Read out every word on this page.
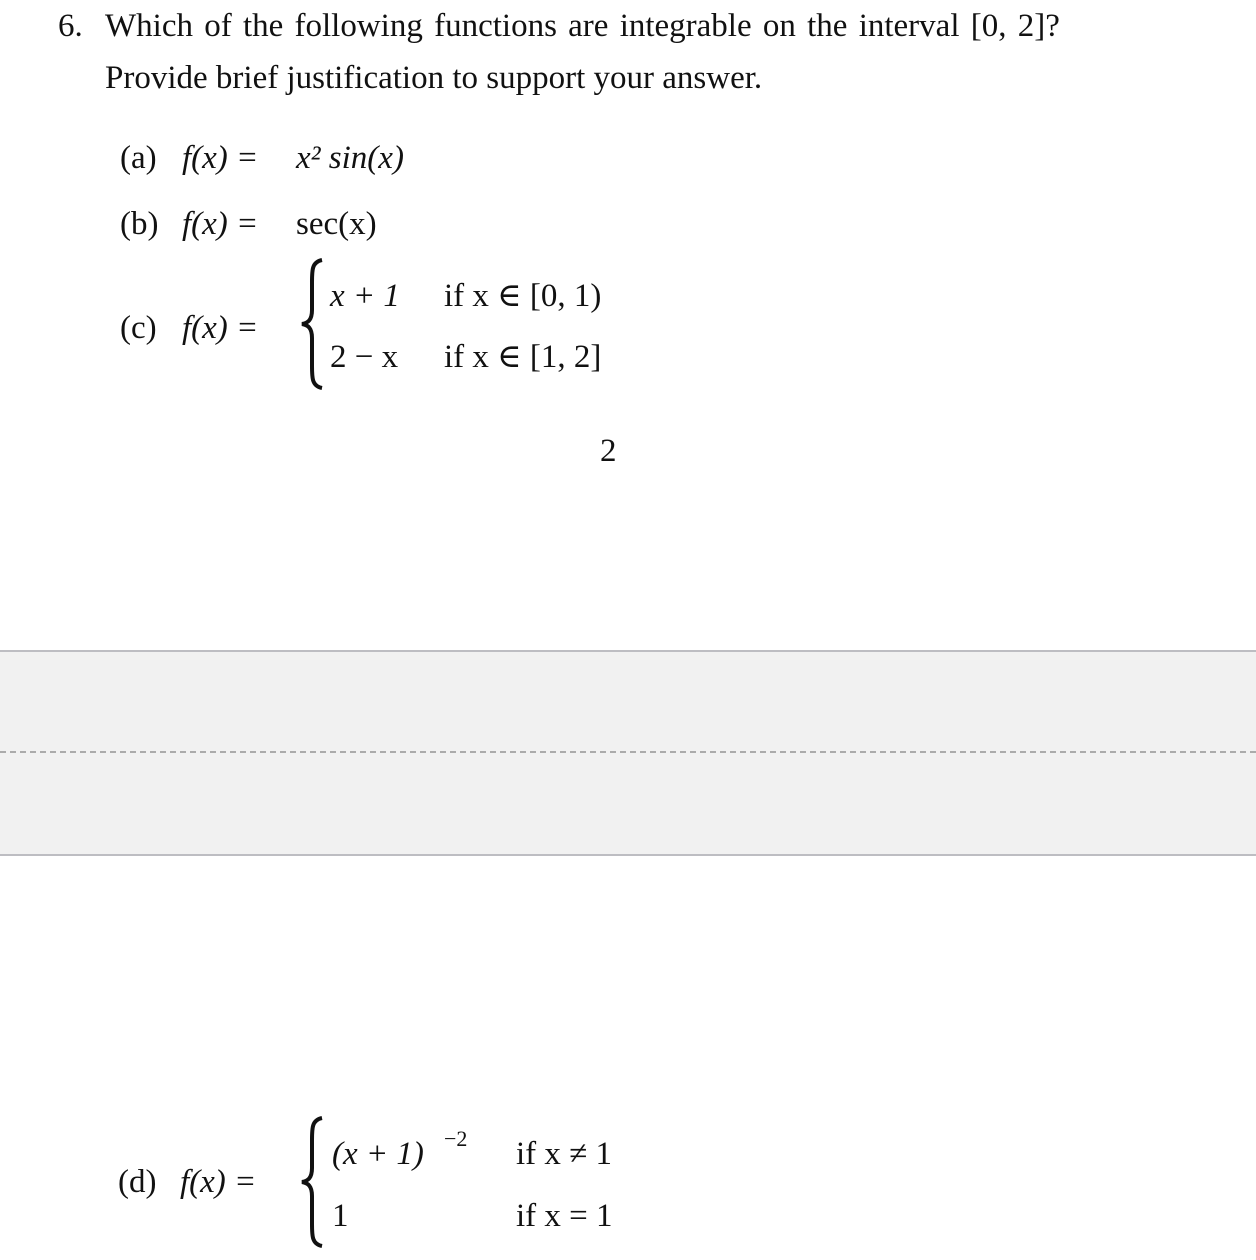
6. Which of the following functions are integrable on the interval [0, 2]?
Provide brief justification to support your answer.
(a) f(x) = x² sin(x)
(b) f(x) = sec(x)
(c) f(x) =
x + 1 if x ∈ [0, 1)
2 − x if x ∈ [1, 2]
2
(d) f(x) =
(x + 1) −2 if x ≠ 1
1	if x = 1
